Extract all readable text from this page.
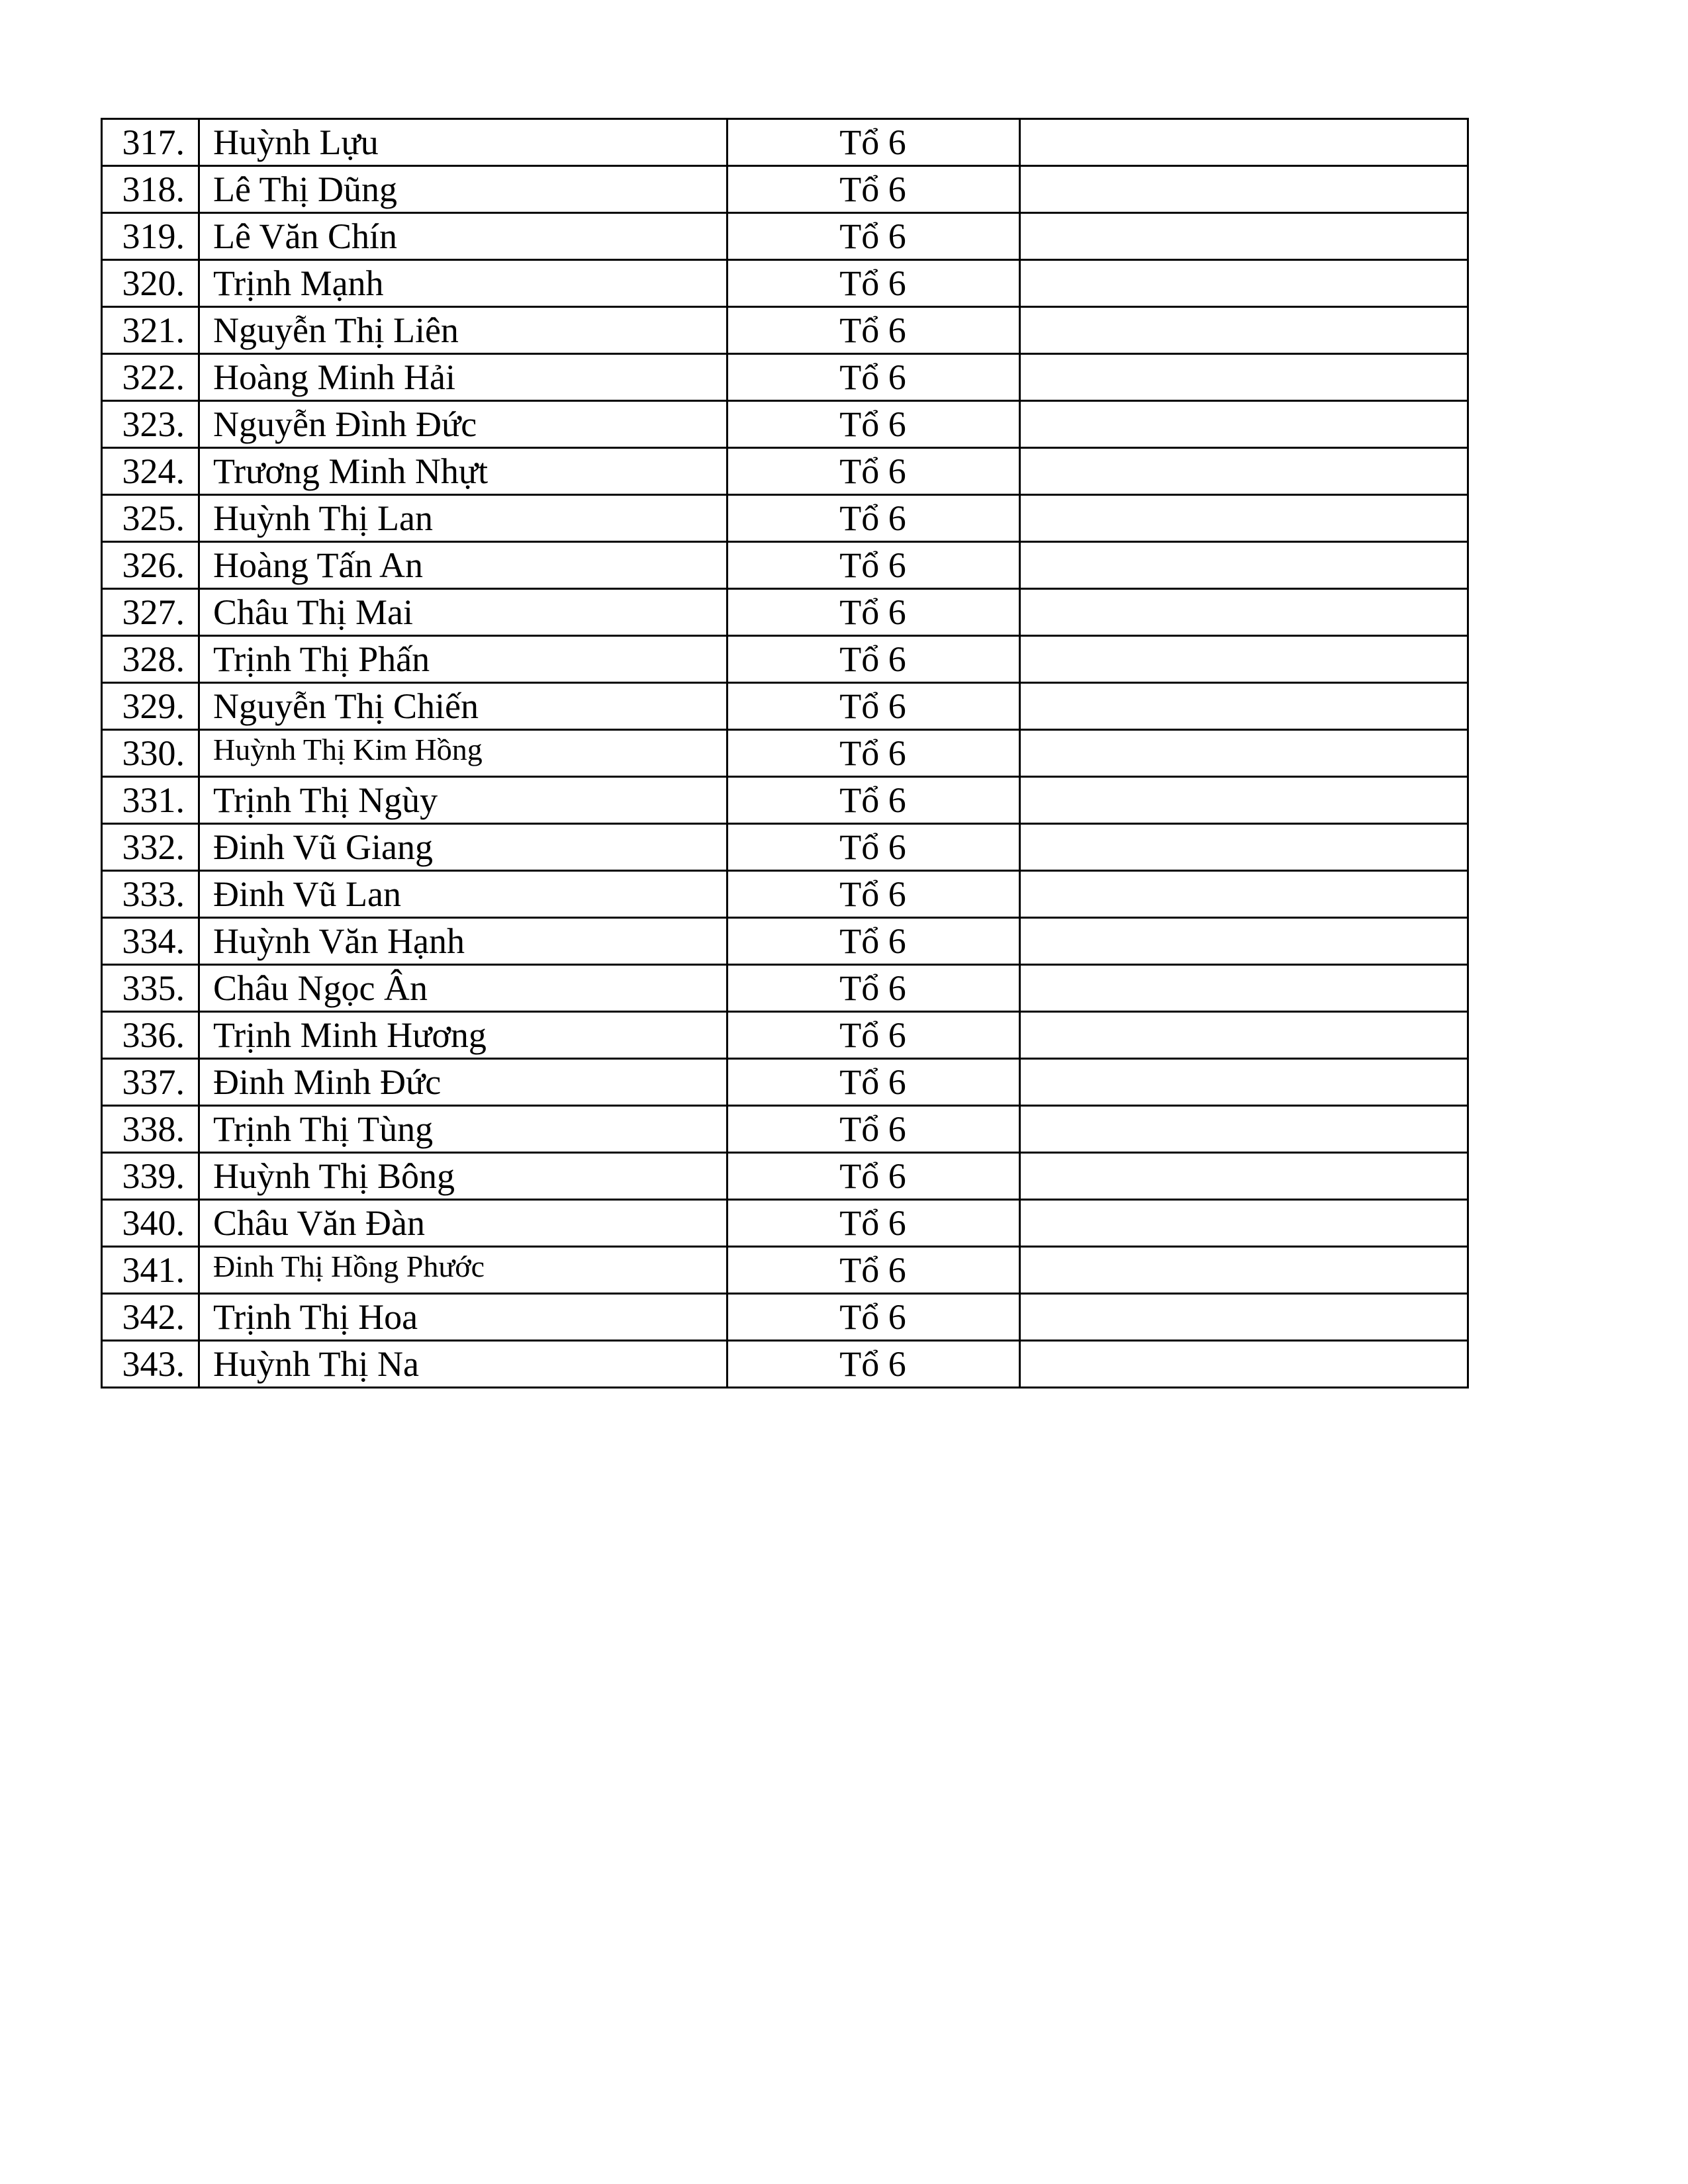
317.	Huỳnh Lựu	Tổ 6	
318.	Lê Thị Dũng	Tổ 6	
319.	Lê Văn Chín	Tổ 6	
320.	Trịnh Mạnh	Tổ 6	
321.	Nguyễn Thị Liên	Tổ 6	
322.	Hoàng Minh Hải	Tổ 6	
323.	Nguyễn Đình Đức	Tổ 6	
324.	Trương Minh Nhựt	Tổ 6	
325.	Huỳnh Thị Lan	Tổ 6	
326.	Hoàng Tấn An	Tổ 6	
327.	Châu Thị Mai	Tổ 6	
328.	Trịnh Thị Phấn	Tổ 6	
329.	Nguyễn Thị Chiến	Tổ 6	
330.	Huỳnh Thị Kim Hồng	Tổ 6	
331.	Trịnh Thị Ngùy	Tổ 6	
332.	Đinh Vũ Giang	Tổ 6	
333.	Đinh Vũ Lan	Tổ 6	
334.	Huỳnh Văn Hạnh	Tổ 6	
335.	Châu Ngọc Ân	Tổ 6	
336.	Trịnh Minh Hương	Tổ 6	
337.	Đinh Minh Đức	Tổ 6	
338.	Trịnh Thị Tùng	Tổ 6	
339.	Huỳnh Thị Bông	Tổ 6	
340.	Châu Văn Đàn	Tổ 6	
341.	Đinh Thị Hồng Phước	Tổ 6	
342.	Trịnh Thị Hoa	Tổ 6	
343.	Huỳnh Thị Na	Tổ 6	
